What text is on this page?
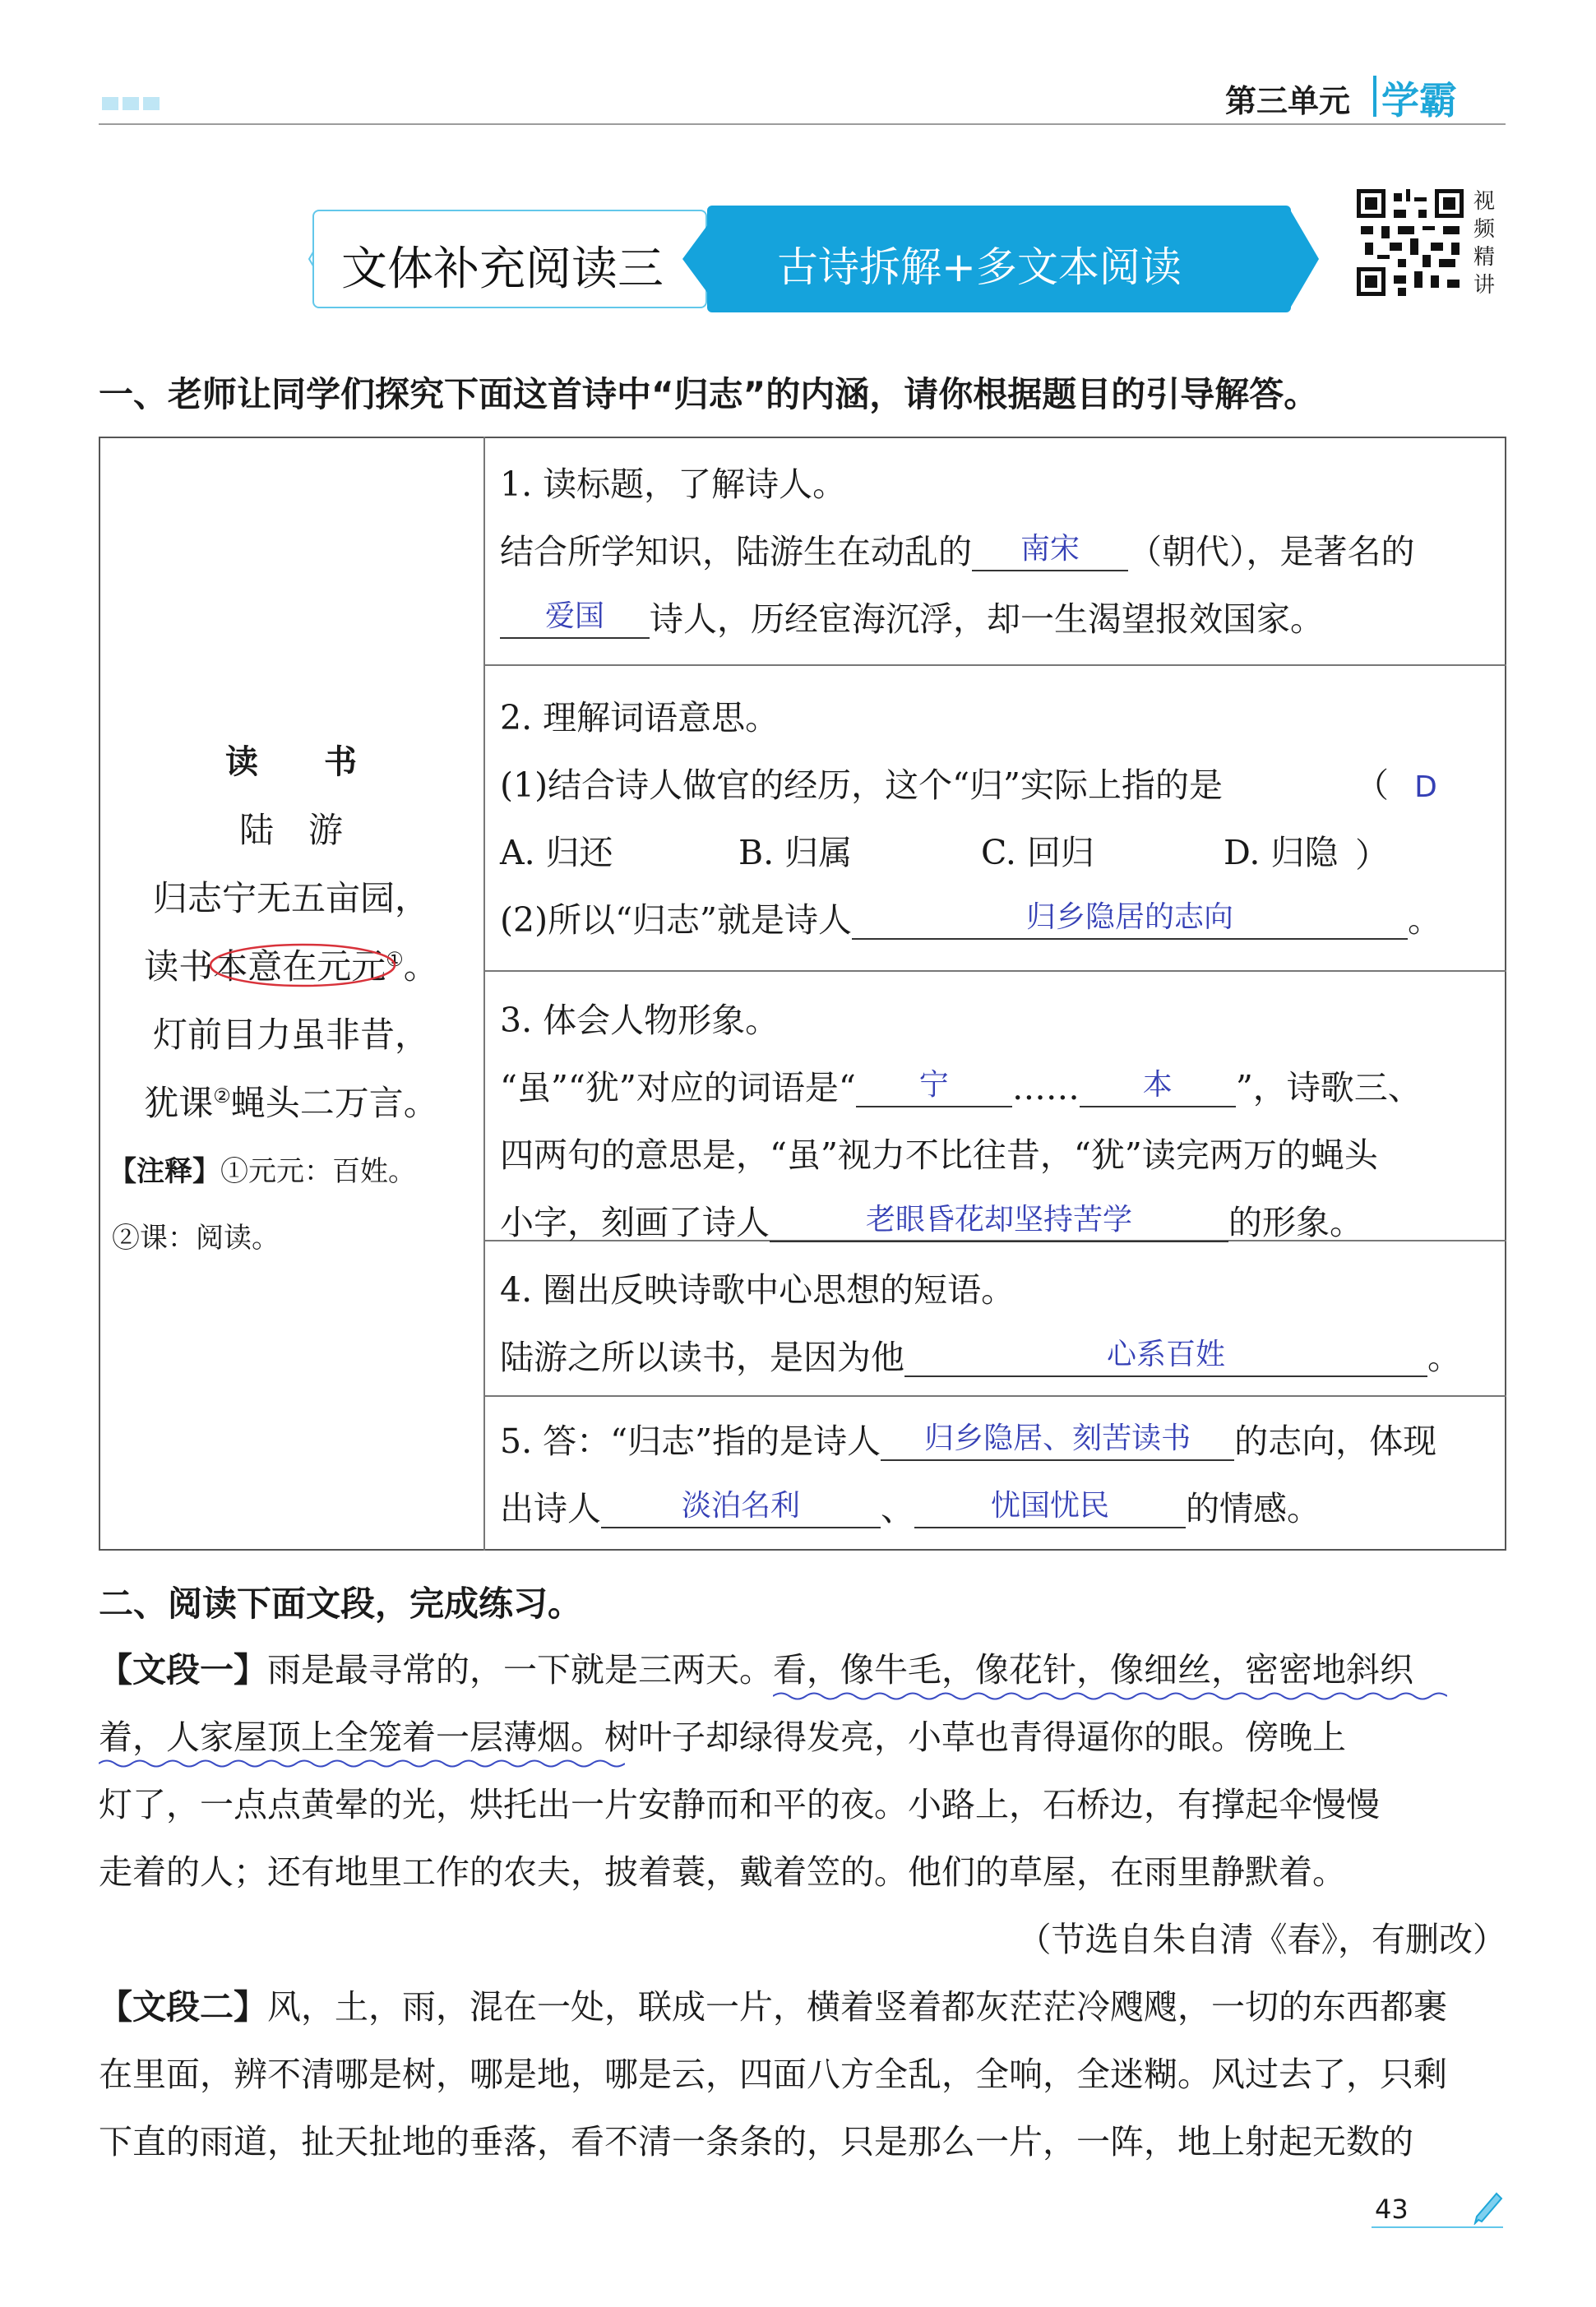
第三单元 学霸
文体补充阅读三	古诗拆解+多文本阅读
视
频
精
讲
一、老师让同学们探究下面这首诗中“归志”的内涵，请你根据题目的引导解答。
读　　书
陆　游
归志宁无五亩园，
读书本意在元元
①。
灯前目力虽非昔，
犹课②蝇头二万言。
【注释】①元元：百姓。
②课：阅读。
1. 读标题，了解诗人。
结合所学知识，陆游生在动乱的 南宋 （朝代），是著名的
爱国 诗人，历经宦海沉浮，却一生渴望报效国家。
2. 理解词语意思。
(1)结合诗人做官的经历，这个“归”实际上指的是	（ D）
A. 归还	B. 归属	C. 回归	D. 归隐
(2)所以“归志”就是诗人	归乡隐居的志向	。
3. 体会人物形象。
“虽”“犹”对应的词语是“ 宁 …… 本 ”，诗歌三、
四两句的意思是，“虽”视力不比往昔，“犹”读完两万的蝇头
小字，刻画了诗人	老眼昏花却坚持苦学	的形象。
4. 圈出反映诗歌中心思想的短语。
陆游之所以读书，是因为他	心系百姓	。
5. 答：“归志”指的是诗人 归乡隐居、刻苦读书 的志向，体现
出诗人	淡泊名利 、	忧国忧民 的情感。
二、阅读下面文段，完成练习。
【文段一】雨是最寻常的，一下就是三两天。看，像牛毛，像花针，像细丝，密密地斜织
着，人家屋顶上全笼着一层薄烟
。树叶子却绿得发亮，小草也青得逼你的眼。傍晚上
灯了，一点点黄晕的光，烘托出一片安静而和平的夜。小路上，石桥边，有撑起伞慢慢
走着的人；还有地里工作的农夫，披着蓑，戴着笠的。他们的草屋，在雨里静默着。
（节选自朱自清《春》，有删改）
【文段二】风，土，雨，混在一处，联成一片，横着竖着都灰茫茫冷飕飕，一切的东西都裹
在里面，辨不清哪是树，哪是地，哪是云，四面八方全乱，全响，全迷糊。风过去了，只剩
下直的雨道，扯天扯地的垂落，看不清一条条的，只是那么一片，一阵，地上射起无数的
43
